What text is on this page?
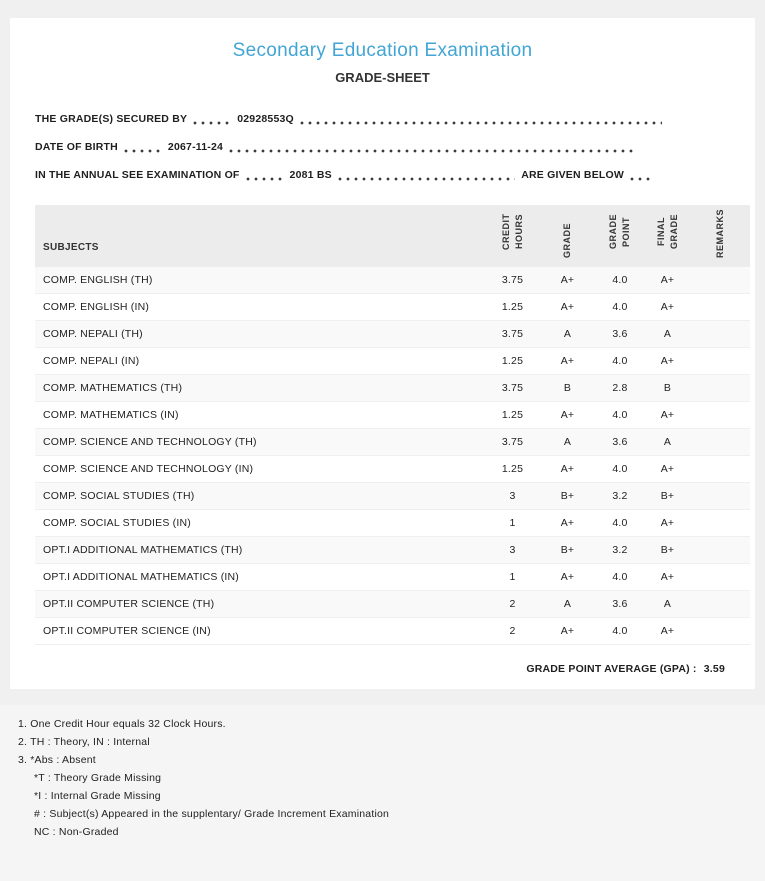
Secondary Education Examination
GRADE-SHEET
THE GRADE(S) SECURED BY	02928553Q
DATE OF BIRTH	2067-11-24
IN THE ANNUAL SEE EXAMINATION OF	2081 BS	ARE GIVEN BELOW
SUBJECTS	CREDIT HOURS	GRADE	GRADE POINT	FINAL GRADE	REMARKS
COMP. ENGLISH (TH)	3.75	A+	4.0	A+	
COMP. ENGLISH (IN)	1.25	A+	4.0	A+	
COMP. NEPALI (TH)	3.75	A	3.6	A	
COMP. NEPALI (IN)	1.25	A+	4.0	A+	
COMP. MATHEMATICS (TH)	3.75	B	2.8	B	
COMP. MATHEMATICS (IN)	1.25	A+	4.0	A+	
COMP. SCIENCE AND TECHNOLOGY (TH)	3.75	A	3.6	A	
COMP. SCIENCE AND TECHNOLOGY (IN)	1.25	A+	4.0	A+	
COMP. SOCIAL STUDIES (TH)	3	B+	3.2	B+	
COMP. SOCIAL STUDIES (IN)	1	A+	4.0	A+	
OPT.I ADDITIONAL MATHEMATICS (TH)	3	B+	3.2	B+	
OPT.I ADDITIONAL MATHEMATICS (IN)	1	A+	4.0	A+	
OPT.II COMPUTER SCIENCE (TH)	2	A	3.6	A	
OPT.II COMPUTER SCIENCE (IN)	2	A+	4.0	A+	
GRADE POINT AVERAGE (GPA) : 3.59
1. One Credit Hour equals 32 Clock Hours.
2. TH : Theory, IN : Internal
3. *Abs : Absent
*T : Theory Grade Missing
*I : Internal Grade Missing
# : Subject(s) Appeared in the supplentary/ Grade Increment Examination
NC : Non-Graded
